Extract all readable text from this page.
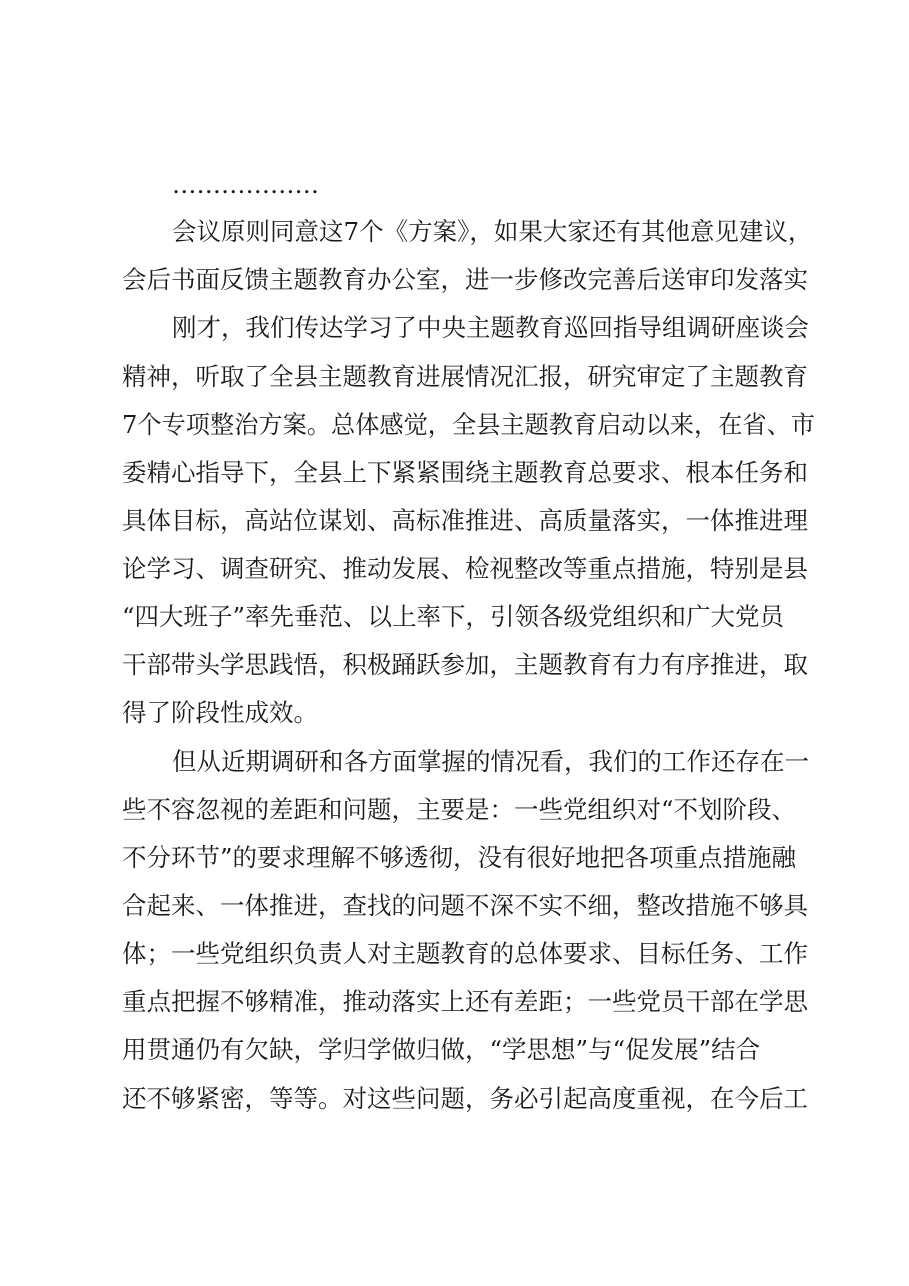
………………
会议原则同意这7个《方案》，如果大家还有其他意见建议，
会后书面反馈主题教育办公室，进一步修改完善后送审印发落实
刚才，我们传达学习了中央主题教育巡回指导组调研座谈会
精神，听取了全县主题教育进展情况汇报，研究审定了主题教育
7个专项整治方案。总体感觉，全县主题教育启动以来，在省、市
委精心指导下，全县上下紧紧围绕主题教育总要求、根本任务和
具体目标，高站位谋划、高标准推进、高质量落实，一体推进理
论学习、调查研究、推动发展、检视整改等重点措施，特别是县
“四大班子”率先垂范、以上率下，引领各级党组织和广大党员
干部带头学思践悟，积极踊跃参加，主题教育有力有序推进，取
得了阶段性成效。
但从近期调研和各方面掌握的情况看，我们的工作还存在一
些不容忽视的差距和问题，主要是：一些党组织对“不划阶段、
不分环节”的要求理解不够透彻，没有很好地把各项重点措施融
合起来、一体推进，查找的问题不深不实不细，整改措施不够具
体；一些党组织负责人对主题教育的总体要求、目标任务、工作
重点把握不够精准，推动落实上还有差距；一些党员干部在学思
用贯通仍有欠缺，学归学做归做，“学思想”与“促发展”结合
还不够紧密，等等。对这些问题，务必引起高度重视，在今后工
